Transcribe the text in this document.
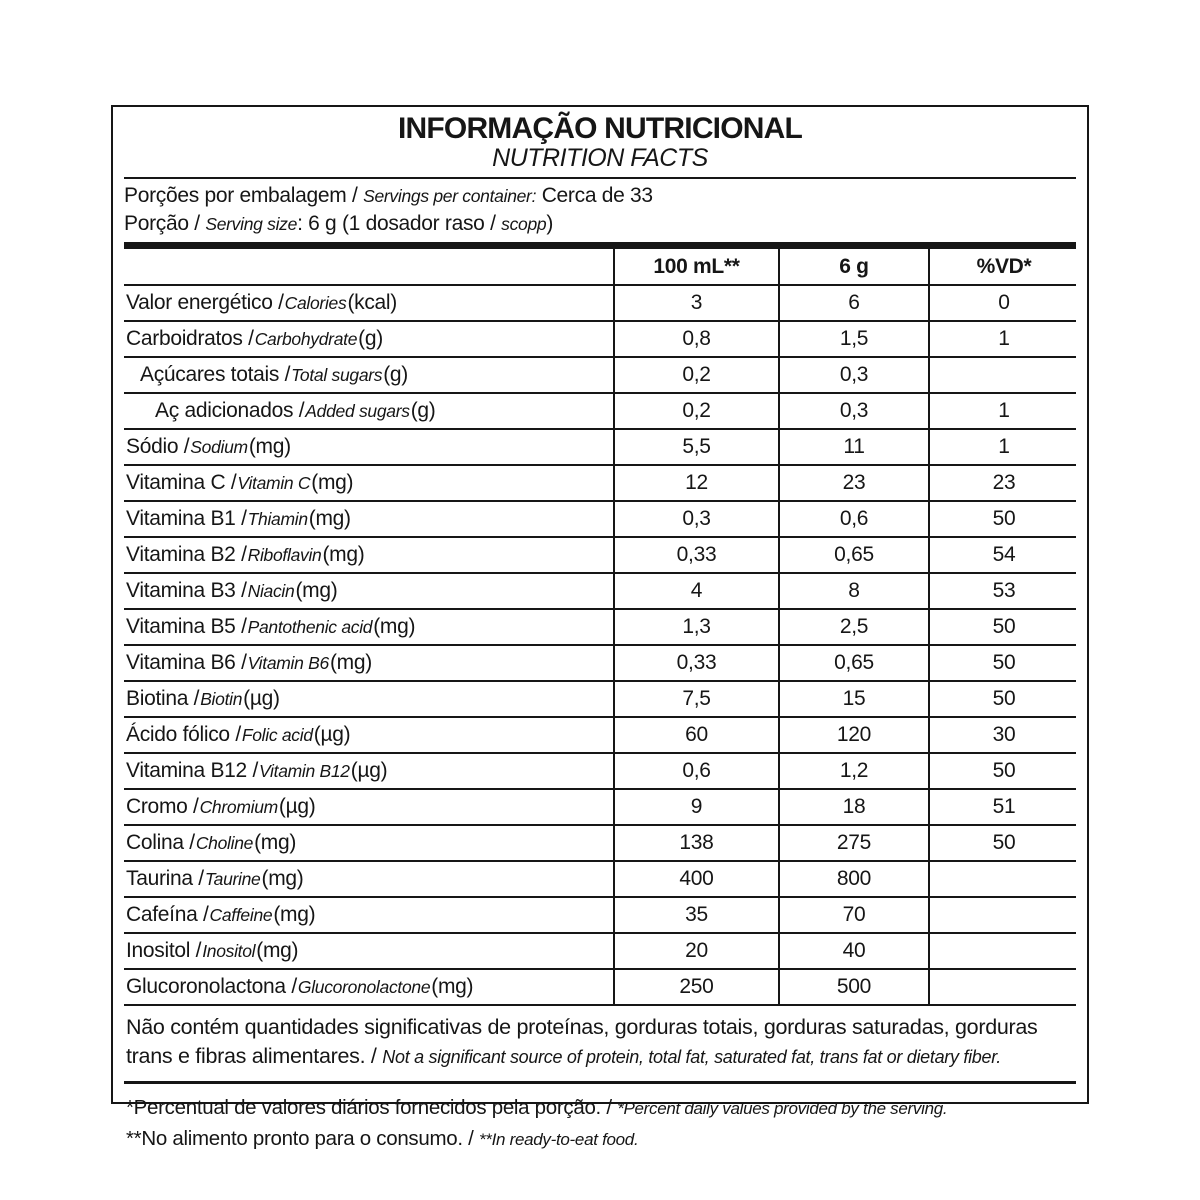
INFORMAÇÃO NUTRICIONAL
NUTRITION FACTS
Porções por embalagem / Servings per container: Cerca de 33
Porção / Serving size: 6 g (1 dosador raso / scopp)
100 mL**	6 g	%VD*
Valor energético / Calories (kcal)	3	6	0
Carboidratos / Carbohydrate (g)	0,8	1,5	1
Açúcares totais / Total sugars (g)	0,2	0,3
Aç adicionados / Added sugars (g)	0,2	0,3	1
Sódio / Sodium (mg)	5,5	11	1
Vitamina C / Vitamin C (mg)	12	23	23
Vitamina B1 / Thiamin (mg)	0,3	0,6	50
Vitamina B2 / Riboflavin (mg)	0,33	0,65	54
Vitamina B3 / Niacin (mg)	4	8	53
Vitamina B5 / Pantothenic acid (mg)	1,3	2,5	50
Vitamina B6 / Vitamin B6 (mg)	0,33	0,65	50
Biotina / Biotin (µg)	7,5	15	50
Ácido fólico / Folic acid (µg)	60	120	30
Vitamina B12 / Vitamin B12 (µg)	0,6	1,2	50
Cromo / Chromium (µg)	9	18	51
Colina / Choline (mg)	138	275	50
Taurina / Taurine (mg)	400	800
Cafeína / Caffeine (mg)	35	70
Inositol / Inositol (mg)	20	40
Glucoronolactona / Glucoronolactone (mg)	250	500
Não contém quantidades significativas de proteínas, gorduras totais, gorduras saturadas, gorduras trans e fibras alimentares. / Not a significant source of protein, total fat, saturated fat, trans fat or dietary fiber.
*Percentual de valores diários fornecidos pela porção. / *Percent daily values provided by the serving.
**No alimento pronto para o consumo. / **In ready-to-eat food.
